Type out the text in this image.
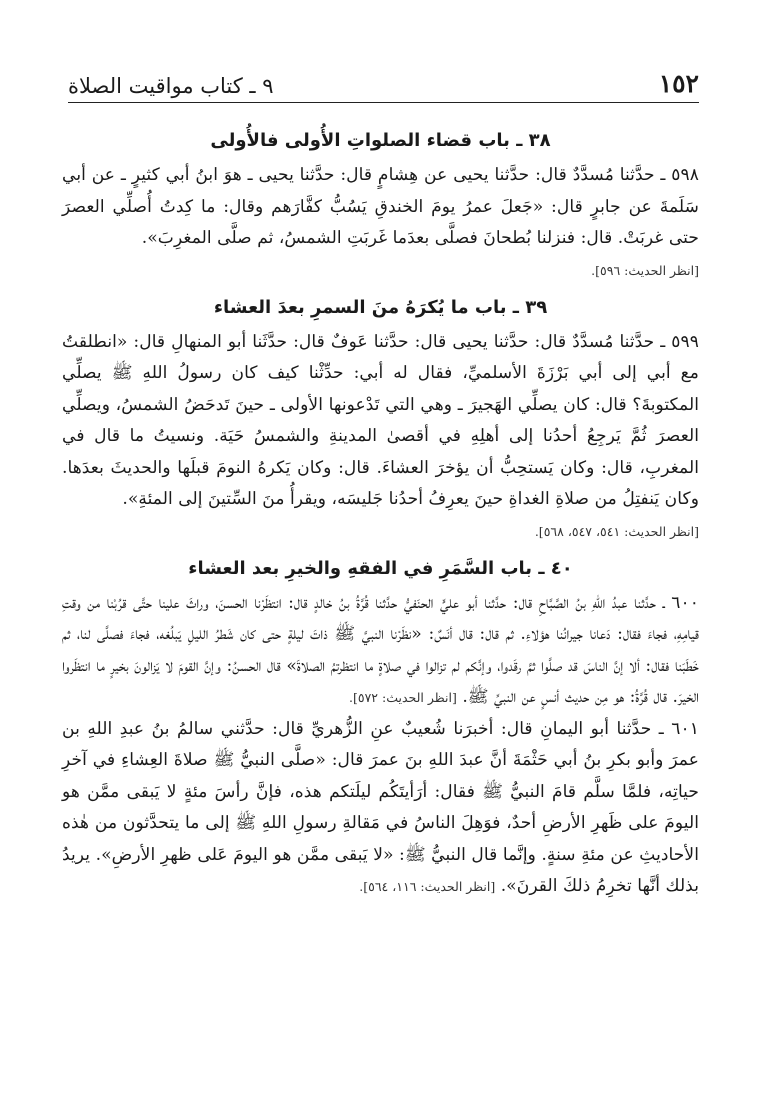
١٥٢
٩ ـ كتاب مواقيت الصلاة
٣٨ ـ باب قضاء الصلواتِ الأُولى فالأُولى

٥٩٨ ـ حدَّثنا مُسدَّدٌ قال: حدَّثنا يحيى عن هِشامٍ قال: حدَّثنا يحيى ـ هوَ ابنُ أبي كثيرٍ ـ عن أبي سَلَمةَ عن جابرٍ قال: «جَعلَ عمرُ يومَ الخندقِ يَسُبُّ كفَّارَهم وقال: ما كِدتُ أُصلِّي العصرَ حتى غربَتْ. قال: فنزلنا بُطحانَ فصلَّى بعدَما غَربَتِ الشمسُ، ثم صلَّى المغرِبَ».

[انظر الحديث: ٥٩٦].
٣٩ ـ باب ما يُكرَهُ منَ السمرِ بعدَ العشاء

٥٩٩ ـ حدَّثنا مُسدَّدٌ قال: حدَّثنا يحيى قال: حدَّثنا عَوفٌ قال: حدَّثَنا أبو المنهالِ قال: «انطلقتُ مع أبي إلى أبي بَرْزَةَ الأسلميِّ، فقال له أبي: حدِّثْنا كيف كان رسولُ اللهِ ﷺ يصلِّي المكتوبةَ؟ قال: كان يصلِّي الهَجيرَ ـ وهي التي تَدْعونها الأولى ـ حينَ تَدحَضُ الشمسُ، ويصلِّي العصرَ ثُمَّ يَرجِعُ أحدُنا إلى أهلِهِ في أقصىٰ المدينةِ والشمسُ حَيَة. ونسيتُ ما قال في المغربِ، قال: وكان يَستحِبُّ أن يؤخرَ العشاءَ. قال: وكان يَكرهُ النومَ قبلَها والحديثَ بعدَها. وكان يَنفتِلُ من صلاةِ الغداةِ حينَ يعرِفُ أحدُنا جَليسَه، ويقرأُ منَ السِّتينَ إلى المئةِ».

[انظر الحديث: ٥٤١، ٥٤٧، ٥٦٨].
٤٠ ـ باب السَّمَرِ في الفقهِ والخيرِ بعد العشاء

٦٠٠ ـ حدَّثنا عبدُ اللهِ بنُ الصَّبَّاحِ قال: حدَّثنا أبو عليٍّ الحنَفيُّ حدَّثنا قُرَّةُ بنُ خالدٍ قال: انتظَرْنا الحسنَ، وراثَ علينا حتَّى قرُبْنا من وقتِ قيامِهِ، فجاءَ فقال: دَعانا جيرانُنا هؤلاءِ. ثم قال: قال أنَسٌ: «نظَرْنا النبيَّ ﷺ ذاتَ ليلةٍ حتى كان شَطرُ الليلِ يَبلُغه، فجاءَ فصلَّى لنا، ثم خَطَبَنا فقال: ألا إنَّ الناسَ قد صلَّوا ثمَّ رقَدوا، وإنَّكم لم تزالوا في صلاةٍ ما انتظرتمُ الصلاةَ» قال الحسنُ: وإنَّ القومَ لا يَزالونَ بخيرٍ ما انتظَروا الخيرَ. قال قُرَّةُ: هو مِن حديث أنسٍ عن النبيِّ ﷺ. [انظر الحديث: ٥٧٢].

٦٠١ ـ حدَّثنا أبو اليمانِ قال: أخبرَنا شُعيبٌ عنِ الزُّهريِّ قال: حدَّثني سالمُ بنُ عبدِ اللهِ بن عمرَ وأبو بكرِ بنُ أبي حَثْمَةَ أنَّ عبدَ اللهِ بنَ عمرَ قال: «صلَّى النبيُّ ﷺ صلاةَ العِشاءِ في آخرِ حياتِه، فلمَّا سلَّم قامَ النبيُّ ﷺ فقال: أرَأيتَكُم ليلَتكم هذه، فإنَّ رأسَ مئةٍ لا يَبقى ممَّن هو اليومَ على ظَهرِ الأرضِ أحدٌ، فوَهِلَ الناسُ في مَقالةِ رسولِ اللهِ ﷺ إلى ما يتحدَّثون من هٰذه الأحاديثِ عن مئةِ سنةٍ. وإنَّما قال النبيُّ ﷺ: «لا يَبقى ممَّن هو اليومَ عَلى ظهرِ الأرضِ». يريدُ بذلك أنَّها تخرِمُ ذلكَ القرنَ». [انظر الحديث: ١١٦، ٥٦٤].
